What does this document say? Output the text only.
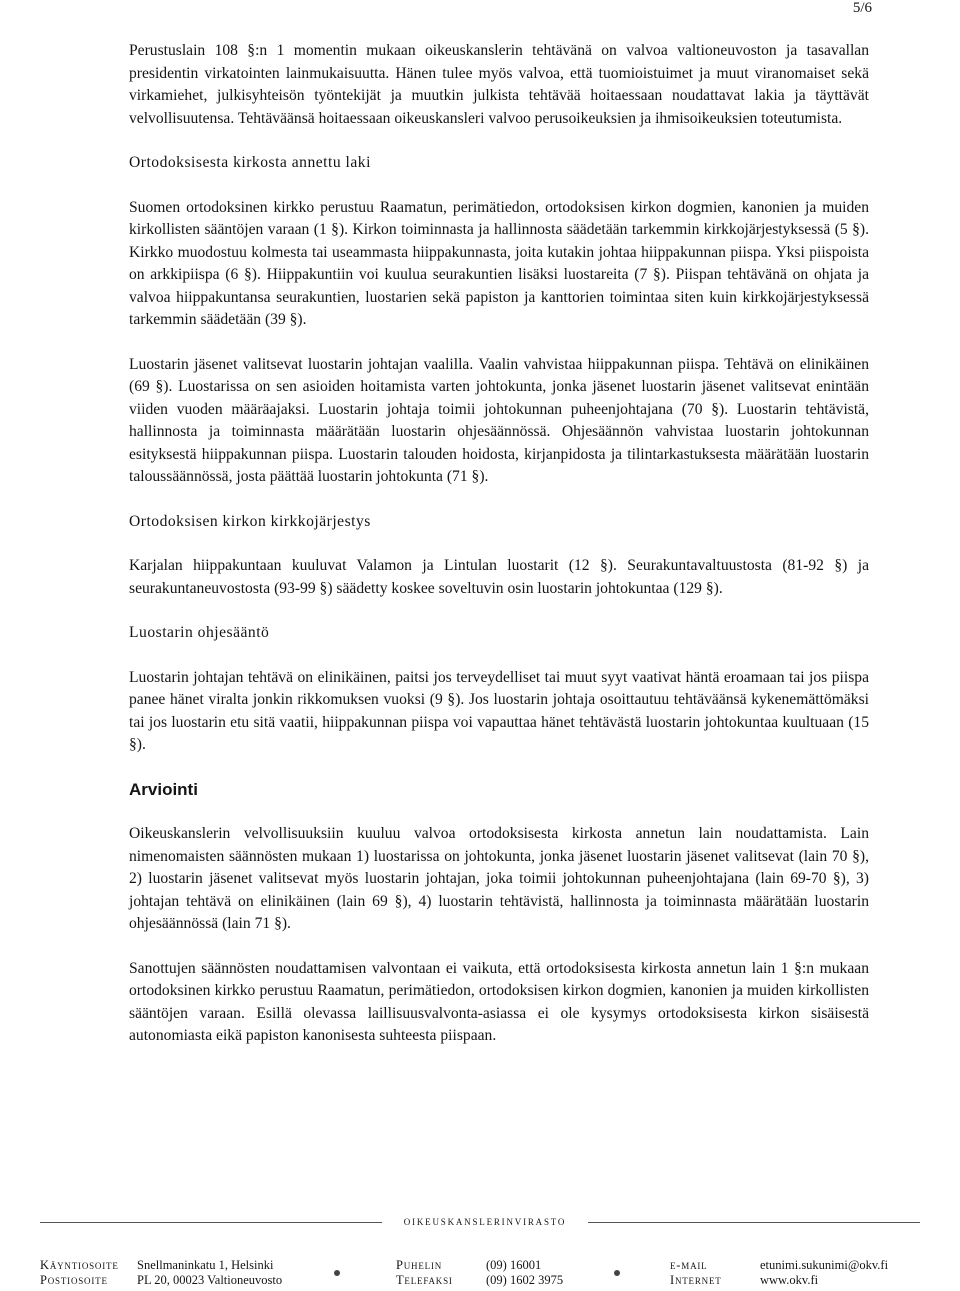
5/6

Perustuslain 108 §:n 1 momentin mukaan oikeuskanslerin tehtävänä on valvoa valtioneuvoston ja tasavallan presidentin virkatointen lainmukaisuutta. Hänen tulee myös valvoa, että tuomioistuimet ja muut viranomaiset sekä virkamiehet, julkisyhteisön työntekijät ja muutkin julkista tehtävää hoitaessaan noudattavat lakia ja täyttävät velvollisuutensa. Tehtäväänsä hoitaessaan oikeuskansleri valvoo perusoikeuksien ja ihmisoikeuksien toteutumista.

Ortodoksisesta kirkosta annettu laki

Suomen ortodoksinen kirkko perustuu Raamatun, perimätiedon, ortodoksisen kirkon dogmien, kanonien ja muiden kirkollisten sääntöjen varaan (1 §). Kirkon toiminnasta ja hallinnosta säädetään tarkemmin kirkkojärjestyksessä (5 §). Kirkko muodostuu kolmesta tai useammasta hiippakunnasta, joita kutakin johtaa hiippakunnan piispa. Yksi piispoista on arkkipiispa (6 §). Hiippakuntiin voi kuulua seurakuntien lisäksi luostareita (7 §). Piispan tehtävänä on ohjata ja valvoa hiippakuntansa seurakuntien, luostarien sekä papiston ja kanttorien toimintaa siten kuin kirkkojärjestyksessä tarkemmin säädetään (39 §).

Luostarin jäsenet valitsevat luostarin johtajan vaalilla. Vaalin vahvistaa hiippakunnan piispa. Tehtävä on elinikäinen (69 §). Luostarissa on sen asioiden hoitamista varten johtokunta, jonka jäsenet luostarin jäsenet valitsevat enintään viiden vuoden määräajaksi. Luostarin johtaja toimii johtokunnan puheenjohtajana (70 §). Luostarin tehtävistä, hallinnosta ja toiminnasta määrätään luostarin ohjesäännössä. Ohjesäännön vahvistaa luostarin johtokunnan esityksestä hiippakunnan piispa. Luostarin talouden hoidosta, kirjanpidosta ja tilintarkastuksesta määrätään luostarin taloussäännössä, josta päättää luostarin johtokunta (71 §).

Ortodoksisen kirkon kirkkojärjestys

Karjalan hiippakuntaan kuuluvat Valamon ja Lintulan luostarit (12 §). Seurakuntavaltuustosta (81-92 §) ja seurakuntaneuvostosta (93-99 §) säädetty koskee soveltuvin osin luostarin johtokuntaa (129 §).

Luostarin ohjesääntö

Luostarin johtajan tehtävä on elinikäinen, paitsi jos terveydelliset tai muut syyt vaativat häntä eroamaan tai jos piispa panee hänet viralta jonkin rikkomuksen vuoksi (9 §). Jos luostarin johtaja osoittautuu tehtäväänsä kykenemättömäksi tai jos luostarin etu sitä vaatii, hiippakunnan piispa voi vapauttaa hänet tehtävästä luostarin johtokuntaa kuultuaan (15 §).

Arviointi

Oikeuskanslerin velvollisuuksiin kuuluu valvoa ortodoksisesta kirkosta annetun lain noudattamista. Lain nimenomaisten säännösten mukaan 1) luostarissa on johtokunta, jonka jäsenet luostarin jäsenet valitsevat (lain 70 §), 2) luostarin jäsenet valitsevat myös luostarin johtajan, joka toimii johtokunnan puheenjohtajana (lain 69-70 §), 3) johtajan tehtävä on elinikäinen (lain 69 §), 4) luostarin tehtävistä, hallinnosta ja toiminnasta määrätään luostarin ohjesäännössä (lain 71 §).

Sanottujen säännösten noudattamisen valvontaan ei vaikuta, että ortodoksisesta kirkosta annetun lain 1 §:n mukaan ortodoksinen kirkko perustuu Raamatun, perimätiedon, ortodoksisen kirkon dogmien, kanonien ja muiden kirkollisten sääntöjen varaan. Esillä olevassa laillisuusvalvonta-asiassa ei ole kysymys ortodoksisesta kirkon sisäisestä autonomiasta eikä papiston kanonisesta suhteesta piispaan.

oikeuskanslerinvirasto
Käyntiosoite Snellmaninkatu 1, Helsinki	Puhelin	(09) 16001	e-mail	etunimi.sukunimi@okv.fi
Postiosoite PL 20, 00023 Valtioneuvosto	Telefaksi	(09) 1602 3975	Internet	www.okv.fi
